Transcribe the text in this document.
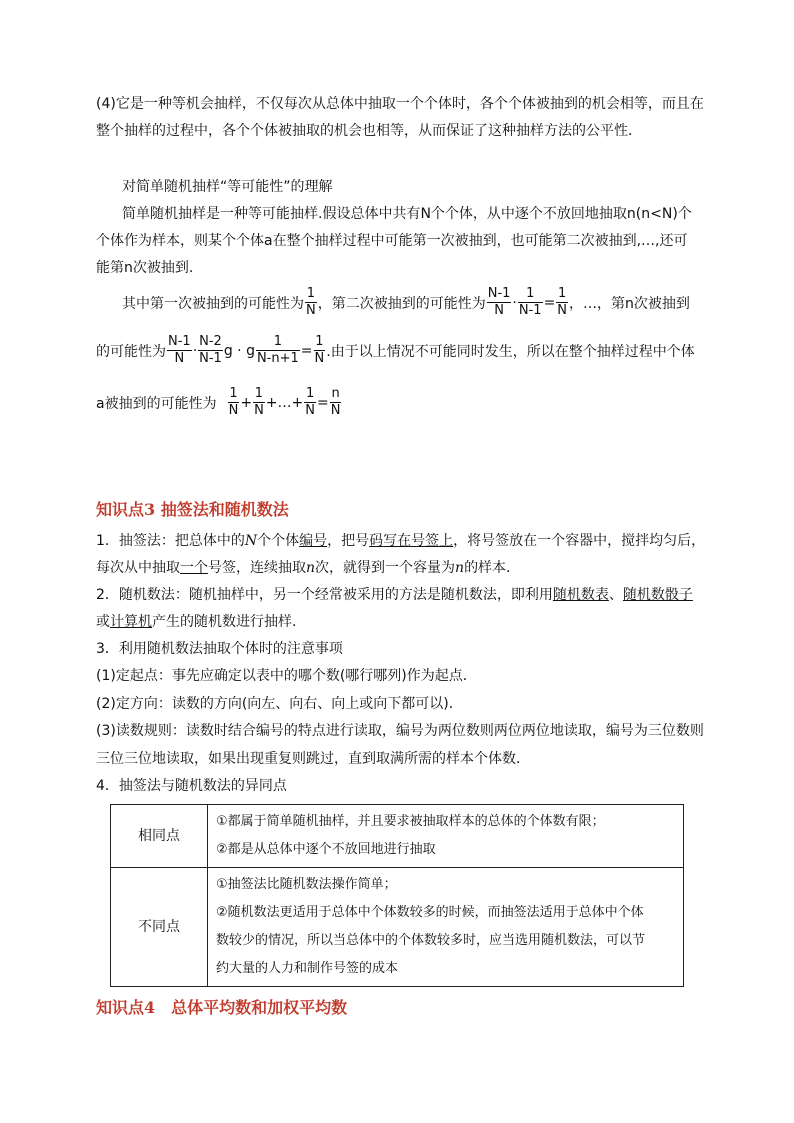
(4)它是一种等机会抽样，不仅每次从总体中抽取一个个体时，各个个体被抽到的机会相等，而且在
整个抽样的过程中，各个个体被抽取的机会也相等，从而保证了这种抽样方法的公平性．
对简单随机抽样“等可能性”的理解
简单随机抽样是一种等可能抽样.假设总体中共有N个个体，从中逐个不放回地抽取n(n<N)个
个体作为样本，则某个个体a在整个抽样过程中可能第一次被抽到，也可能第二次被抽到,…,还可
能第n次被抽到.
其中第一次被抽到的可能性为 $\frac{1}{N}$ ，第二次被抽到的可能性为 $\frac{N-1}{N} \cdot \frac{1}{N-1} = \frac{1}{N}$ ，…，第n次被抽到
的可能性为 $\frac{N-1}{N} \cdot \frac{N-2}{N-1}$ g · g $\frac{1}{N-n+1} = \frac{1}{N}$ .由于以上情况不可能同时发生，所以在整个抽样过程中个体
a被抽到的可能性为 $\frac{1}{N} + \frac{1}{N}$ +…+ $\frac{1}{N} = \frac{n}{N}$
知识点3 抽签法和随机数法
1．抽签法：把总体中的N个个体编号，把号码写在号签上，将号签放在一个容器中，搅拌均匀后，
每次从中抽取一个号签，连续抽取n次，就得到一个容量为n的样本．
2．随机数法：随机抽样中，另一个经常被采用的方法是随机数法，即利用随机数表、随机数骰子
或计算机产生的随机数进行抽样．
3．利用随机数法抽取个体时的注意事项
(1)定起点：事先应确定以表中的哪个数(哪行哪列)作为起点．
(2)定方向：读数的方向(向左、向右、向上或向下都可以)．
(3)读数规则：读数时结合编号的特点进行读取，编号为两位数则两位两位地读取，编号为三位数则
三位三位地读取，如果出现重复则跳过，直到取满所需的样本个体数．
4．抽签法与随机数法的异同点
相同点	①都属于简单随机抽样，并且要求被抽取样本的总体的个体数有限；
②都是从总体中逐个不放回地进行抽取

不同点	①抽签法比随机数法操作简单；
②随机数法更适用于总体中个体数较多的时候，而抽签法适用于总体中个体
数较少的情况，所以当总体中的个体数较多时，应当选用随机数法，可以节
约大量的人力和制作号签的成本
知识点4　总体平均数和加权平均数
